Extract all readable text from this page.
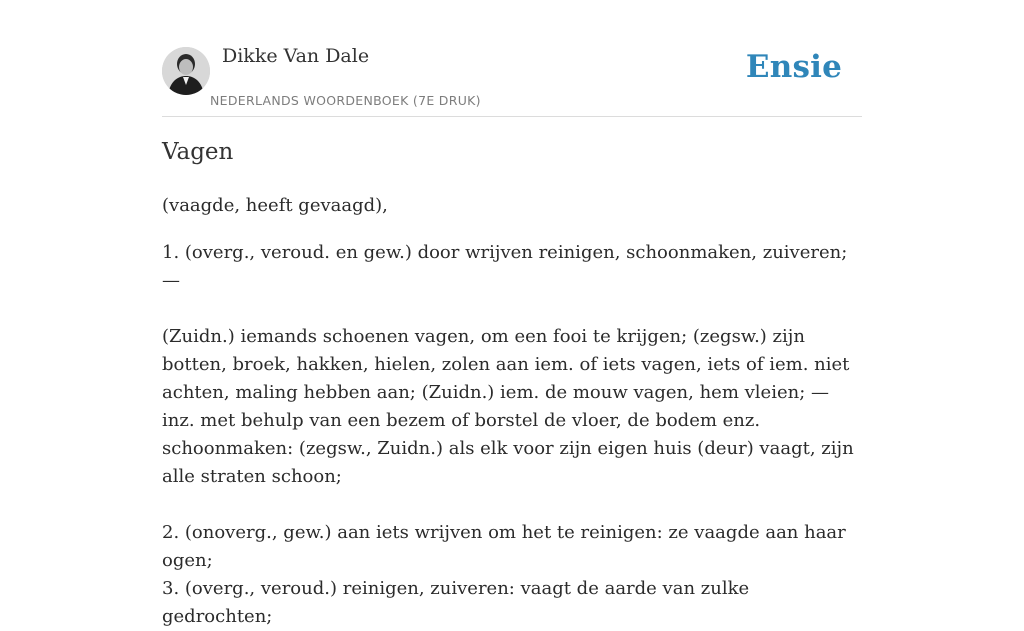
Dikke Van Dale
NEDERLANDS WOORDENBOEK (7E DRUK)
Ensie
Vagen

(vaagde, heeft gevaagd),

1. (overg., veroud. en gew.) door wrijven reinigen, schoonmaken, zuiveren; —

(Zuidn.) iemands schoenen vagen, om een fooi te krijgen; (zegsw.) zijn botten, broek, hakken, hielen, zolen aan iem. of iets vagen, iets of iem. niet achten, maling hebben aan; (Zuidn.) iem. de mouw vagen, hem vleien; — inz. met behulp van een bezem of borstel de vloer, de bodem enz. schoonmaken: (zegsw., Zuidn.) als elk voor zijn eigen huis (deur) vaagt, zijn alle straten schoon;

2. (onoverg., gew.) aan iets wrijven om het te reinigen: ze vaagde aan haar ogen;

3. (overg., veroud.) reinigen, zuiveren: vaagt de aarde van zulke gedrochten;
